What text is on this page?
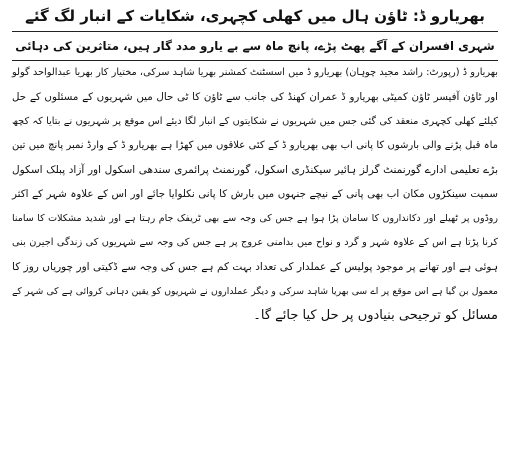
بھریارو ڈ: ٹاؤن ہال میں کھلی کچہری، شکایات کے انبار لگ گئے
شہری افسران کے آگے پھٹ پڑے، پانچ ماہ سے بے یارو مدد گار ہیں، متاثرین کی دہائی

بھریارو ڈ (رپورٹ: راشد مجید چوہان) بھریارو ڈ میں اسسٹنٹ کمشنر بھریا شاہد سرکی، مختیار کار بھریا عبدالواحد گولو

اور ٹاؤن آفیسر ٹاؤن کمیٹی بھریارو ڈ عمران کھنڈ کی جانب سے ٹاؤن کا ٹی حال میں شہریوں کے مسئلوں کے حل

کیلئے کھلی کچہری منعقد کی گئی جس میں شہریوں نے شکایتوں کے انبار لگا دیئے اس موقع پر شہریوں نے بتایا کہ کچھ

ماہ قبل پڑنے والی بارشوں کا پانی اب بھی بھریارو ڈ کے کئی علاقوں میں کھڑا ہے بھریارو ڈ کے وارڈ نمبر پانچ میں تین

بڑے تعلیمی ادارے گورنمنٹ گرلز ہائیر سیکنڈری اسکول، گورنمنٹ پرائمری سندھی اسکول اور آزاد پبلک اسکول

سمیت سینکڑوں مکان اب بھی پانی کے نیچے جنہوں میں بارش کا پانی نکلوایا جائے اور اس کے علاوہ شہر کے اکثر

روڈوں پر ٹھیلے اور دکانداروں کا سامان پڑا ہوا ہے جس کی وجہ سے بھی ٹریفک جام رہتا ہے اور شدید مشکلات کا سامنا

کرنا پڑتا ہے اس کے علاوہ شہر و گرد و نواح میں بدامنی عروج پر ہے جس کی وجہ سے شہریوں کی زندگی اجیرن بنی

ہوئی ہے اور تھانے پر موجود پولیس کے عملدار کی تعداد بہت کم ہے جس کی وجہ سے ڈکیتی اور چوریاں روز کا

معمول بن گیا ہے اس موقع پر اے سی بھریا شاہد سرکی و دیگر عملداروں نے شہریوں کو یقین دہانی کروائی ہے کی شہر کے

مسائل کو ترجیحی بنیادوں پر حل کیا جائے گا۔
